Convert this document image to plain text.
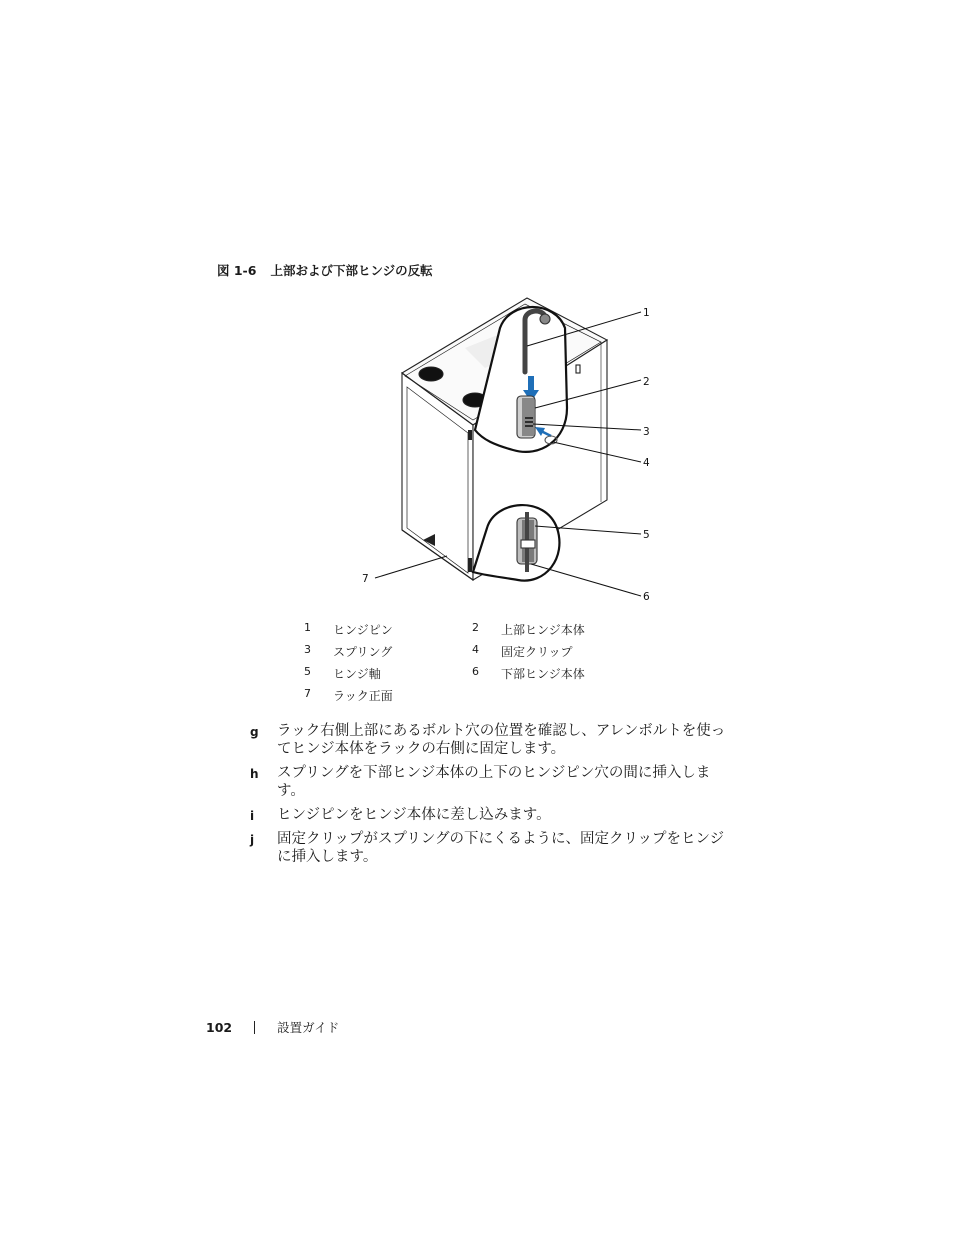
図 1-6 上部および下部ヒンジの反転
1
2
3
4
5
6
7
1 ヒンジピン	2 上部ヒンジ本体
3 スプリング	4 固定クリップ
5 ヒンジ軸	6 下部ヒンジ本体
7 ラック正面
g ラック右側上部にあるボルト穴の位置を確認し、アレンボルトを使ってヒンジ本体をラックの右側に固定します。
h スプリングを下部ヒンジ本体の上下のヒンジピン穴の間に挿入します。
i ヒンジピンをヒンジ本体に差し込みます。
j 固定クリップがスプリングの下にくるように、固定クリップをヒンジに挿入します。
102	設置ガイド
